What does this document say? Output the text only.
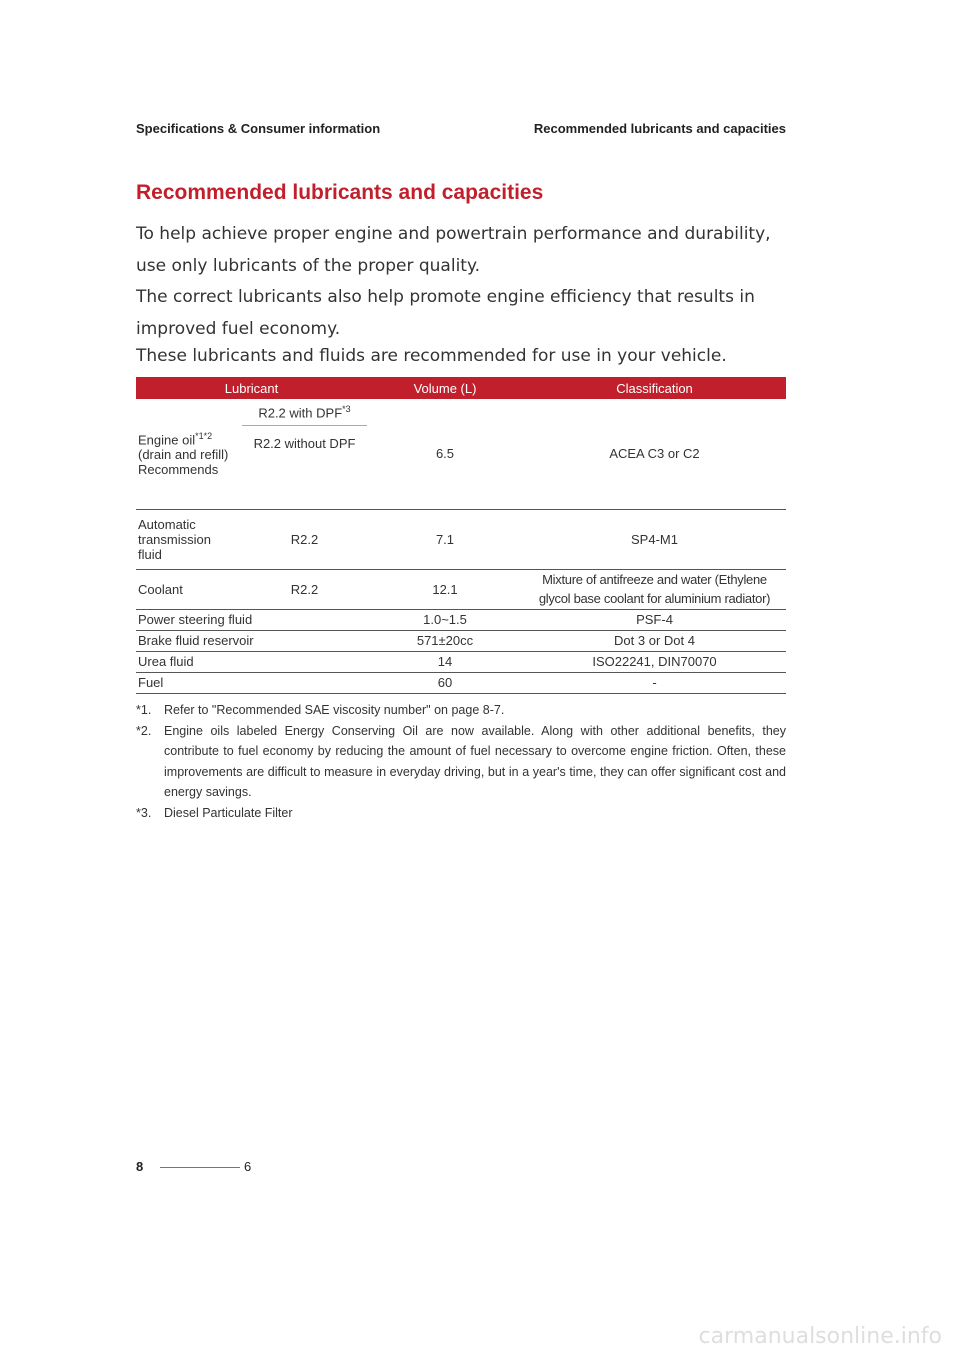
Specifications & Consumer information	Recommended lubricants and capacities
Recommended lubricants and capacities

To help achieve proper engine and powertrain performance and durability, use only lubricants of the proper quality.

The correct lubricants also help promote engine efficiency that results in improved fuel economy.

These lubricants and fluids are recommended for use in your vehicle.

Lubricant		Volume (L)	Classification
Engine oil$^{*1*2}$
(drain and refill)
Recommends	R2.2 with DPF$^{*3}$	6.5	ACEA C3 or C2
	R2.2 without DPF		
Automatic
transmission
fluid	R2.2	7.1	SP4-M1
Coolant	R2.2	12.1	Mixture of antifreeze and water (Ethylene
glycol base coolant for aluminium radiator)
Power steering fluid		1.0~1.5	PSF-4
Brake fluid reservoir		571±20cc	Dot 3 or Dot 4
Urea fluid		14	ISO22241, DIN70070
Fuel		60	-
*1.	Refer to "Recommended SAE viscosity number" on page 8-7.
*2.	Engine oils labeled Energy Conserving Oil are now available. Along with other additional benefits, they contribute to fuel economy by reducing the amount of fuel necessary to overcome engine friction. Often, these improvements are difficult to measure in everyday driving, but in a year's time, they can offer significant cost and energy savings.
*3.	Diesel Particulate Filter
8	6
carmanualsonline.info
